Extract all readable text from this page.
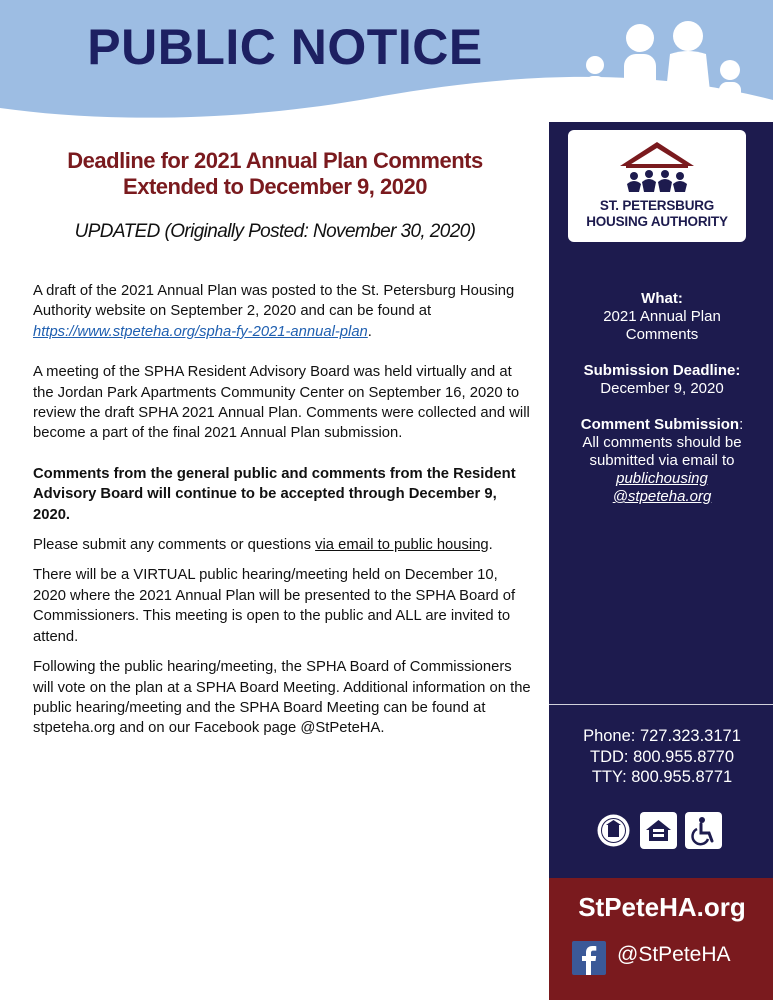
PUBLIC NOTICE
Deadline for 2021 Annual Plan Comments
Extended to December 9, 2020
UPDATED (Originally Posted: November 30, 2020)

A draft of the 2021 Annual Plan was posted to the St. Petersburg Housing Authority website on September 2, 2020 and can be found at https://www.stpeteha.org/spha-fy-2021-annual-plan.

A meeting of the SPHA Resident Advisory Board was held virtually and at the Jordan Park Apartments Community Center on September 16, 2020 to review the draft SPHA 2021 Annual Plan. Comments were collected and will become a part of the final 2021 Annual Plan submission.

Comments from the general public and comments from the Resident Advisory Board will continue to be accepted through December 9, 2020.

Please submit any comments or questions via email to public housing.

There will be a VIRTUAL public hearing/meeting held on December 10, 2020 where the 2021 Annual Plan will be presented to the SPHA Board of Commissioners. This meeting is open to the public and ALL are invited to attend.

Following the public hearing/meeting, the SPHA Board of Commissioners will vote on the plan at a SPHA Board Meeting. Additional information on the public hearing/meeting and the SPHA Board Meeting can be found at stpeteha.org and on our Facebook page @StPeteHA.

ST. PETERSBURG
HOUSING AUTHORITY
What:
2021 Annual Plan
Comments
Submission Deadline:
December 9, 2020
Comment Submission:
All comments should be
submitted via email to
publichousing
@stpeteha.org
Phone: 727.323.3171
TDD: 800.955.8770
TTY: 800.955.8771
StPeteHA.org
@StPeteHA
